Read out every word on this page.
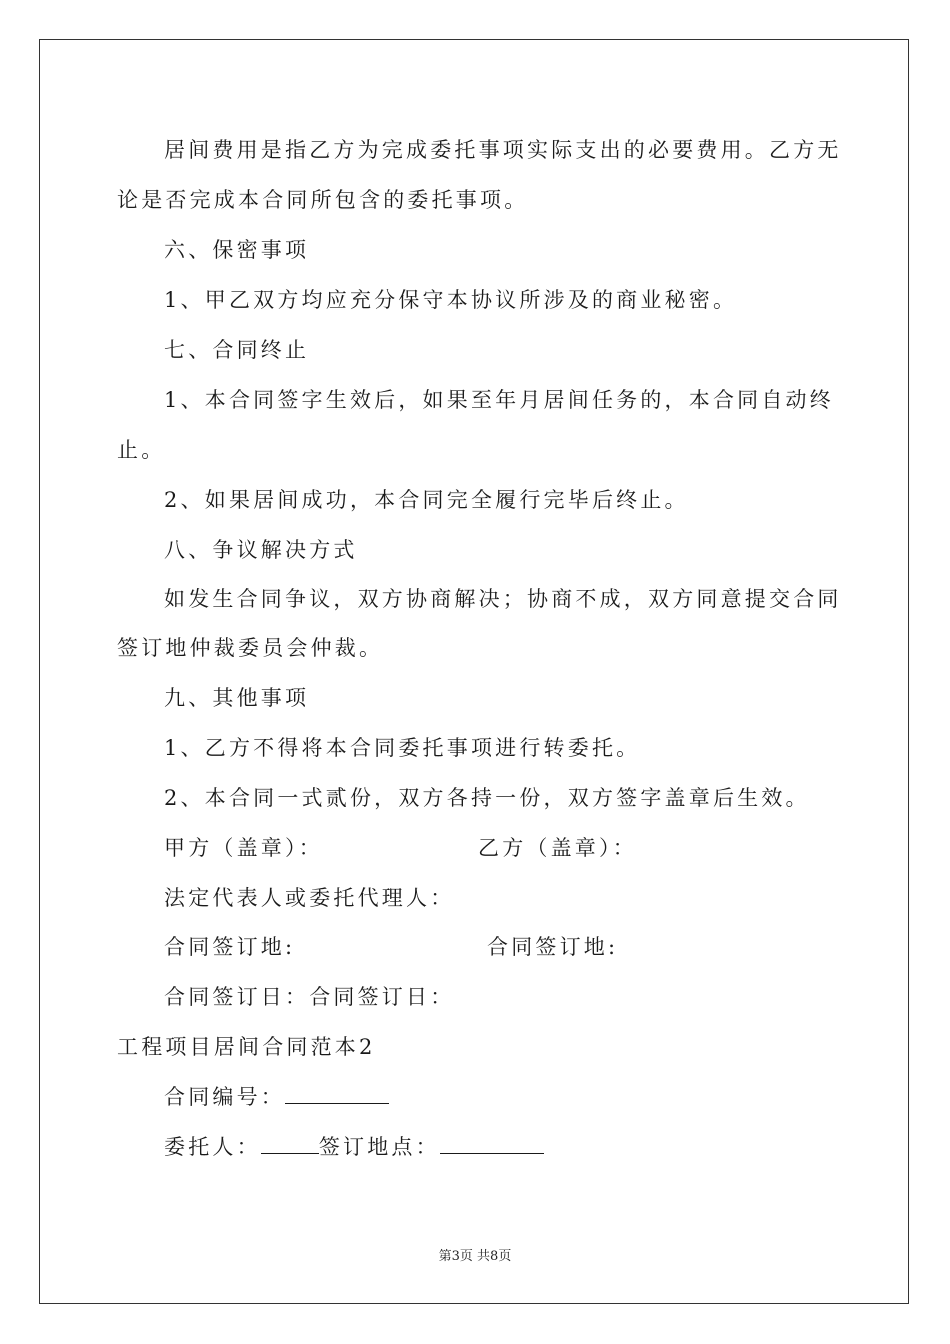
居间费用是指乙方为完成委托事项实际支出的必要费用。乙方无
论是否完成本合同所包含的委托事项。
六、保密事项
1、甲乙双方均应充分保守本协议所涉及的商业秘密。
七、合同终止
1、本合同签字生效后，如果至年月居间任务的，本合同自动终
止。
2、如果居间成功，本合同完全履行完毕后终止。
八、争议解决方式
如发生合同争议，双方协商解决；协商不成，双方同意提交合同
签订地仲裁委员会仲裁。
九、其他事项
1、乙方不得将本合同委托事项进行转委托。
2、本合同一式贰份，双方各持一份，双方签字盖章后生效。
甲方（盖章）：	乙方（盖章）：
法定代表人或委托代理人：
合同签订地:	合同签订地:
合同签订日：合同签订日：
工程项目居间合同范本2
合同编号：
委托人：	签订地点：
第3页 共8页
